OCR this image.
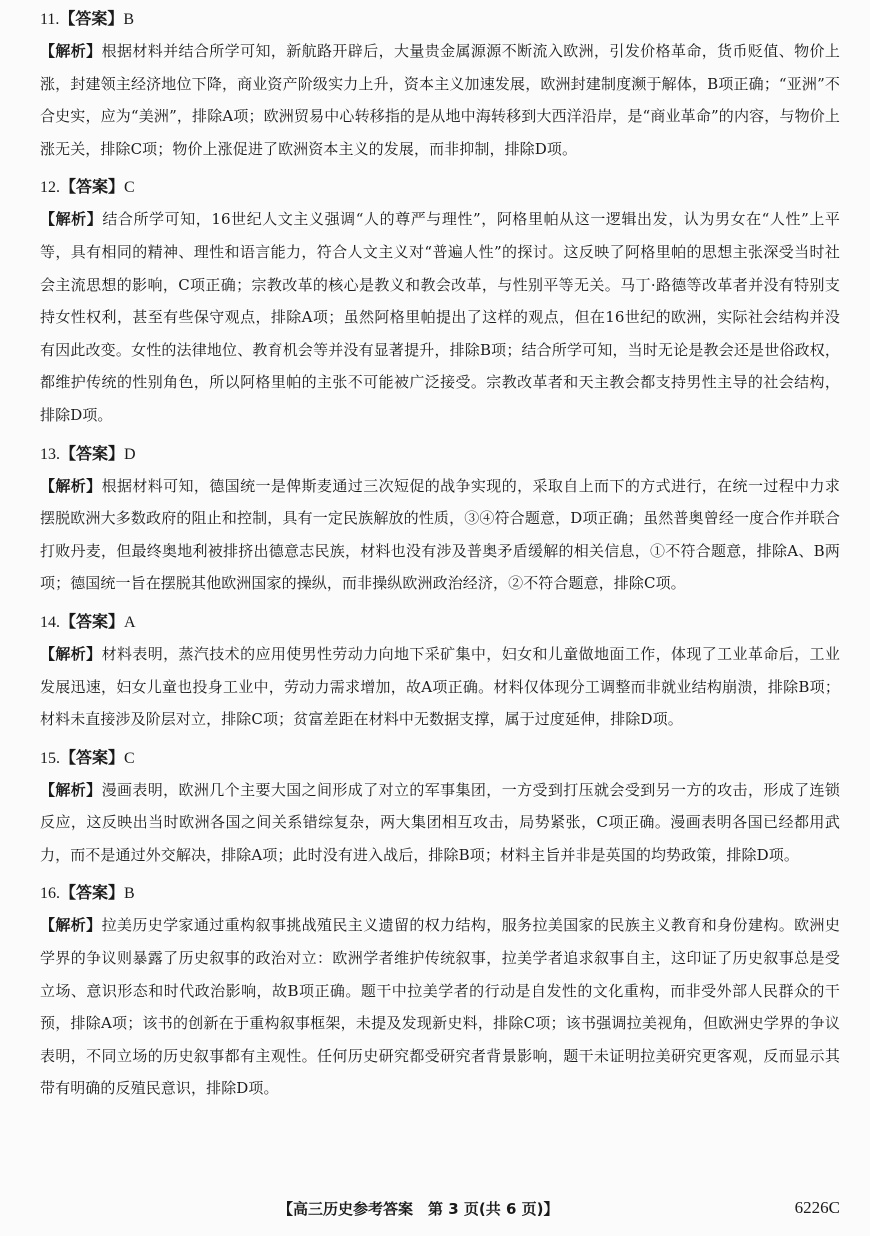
11.【答案】B

【解析】根据材料并结合所学可知，新航路开辟后，大量贵金属源源不断流入欧洲，引发价格革命，货币贬值、物价上涨，封建领主经济地位下降，商业资产阶级实力上升，资本主义加速发展，欧洲封建制度濒于解体，B项正确；“亚洲”不合史实，应为“美洲”，排除A项；欧洲贸易中心转移指的是从地中海转移到大西洋沿岸，是“商业革命”的内容，与物价上涨无关，排除C项；物价上涨促进了欧洲资本主义的发展，而非抑制，排除D项。

12.【答案】C

【解析】结合所学可知，16世纪人文主义强调“人的尊严与理性”，阿格里帕从这一逻辑出发，认为男女在“人性”上平等，具有相同的精神、理性和语言能力，符合人文主义对“普遍人性”的探讨。这反映了阿格里帕的思想主张深受当时社会主流思想的影响，C项正确；宗教改革的核心是教义和教会改革，与性别平等无关。马丁·路德等改革者并没有特别支持女性权利，甚至有些保守观点，排除A项；虽然阿格里帕提出了这样的观点，但在16世纪的欧洲，实际社会结构并没有因此改变。女性的法律地位、教育机会等并没有显著提升，排除B项；结合所学可知，当时无论是教会还是世俗政权，都维护传统的性别角色，所以阿格里帕的主张不可能被广泛接受。宗教改革者和天主教会都支持男性主导的社会结构，排除D项。

13.【答案】D

【解析】根据材料可知，德国统一是俾斯麦通过三次短促的战争实现的，采取自上而下的方式进行，在统一过程中力求摆脱欧洲大多数政府的阻止和控制，具有一定民族解放的性质，③④符合题意，D项正确；虽然普奥曾经一度合作并联合打败丹麦，但最终奥地利被排挤出德意志民族，材料也没有涉及普奥矛盾缓解的相关信息，①不符合题意，排除A、B两项；德国统一旨在摆脱其他欧洲国家的操纵，而非操纵欧洲政治经济，②不符合题意，排除C项。

14.【答案】A

【解析】材料表明，蒸汽技术的应用使男性劳动力向地下采矿集中，妇女和儿童做地面工作，体现了工业革命后，工业发展迅速，妇女儿童也投身工业中，劳动力需求增加，故A项正确。材料仅体现分工调整而非就业结构崩溃，排除B项；材料未直接涉及阶层对立，排除C项；贫富差距在材料中无数据支撑，属于过度延伸，排除D项。

15.【答案】C

【解析】漫画表明，欧洲几个主要大国之间形成了对立的军事集团，一方受到打压就会受到另一方的攻击，形成了连锁反应，这反映出当时欧洲各国之间关系错综复杂，两大集团相互攻击，局势紧张，C项正确。漫画表明各国已经都用武力，而不是通过外交解决，排除A项；此时没有进入战后，排除B项；材料主旨并非是英国的均势政策，排除D项。

16.【答案】B

【解析】拉美历史学家通过重构叙事挑战殖民主义遗留的权力结构，服务拉美国家的民族主义教育和身份建构。欧洲史学界的争议则暴露了历史叙事的政治对立：欧洲学者维护传统叙事，拉美学者追求叙事自主，这印证了历史叙事总是受立场、意识形态和时代政治影响，故B项正确。题干中拉美学者的行动是自发性的文化重构，而非受外部人民群众的干预，排除A项；该书的创新在于重构叙事框架，未提及发现新史料，排除C项；该书强调拉美视角，但欧洲史学界的争议表明，不同立场的历史叙事都有主观性。任何历史研究都受研究者背景影响，题干未证明拉美研究更客观，反而显示其带有明确的反殖民意识，排除D项。

【高三历史参考答案　第 3 页(共 6 页)】	6226C
